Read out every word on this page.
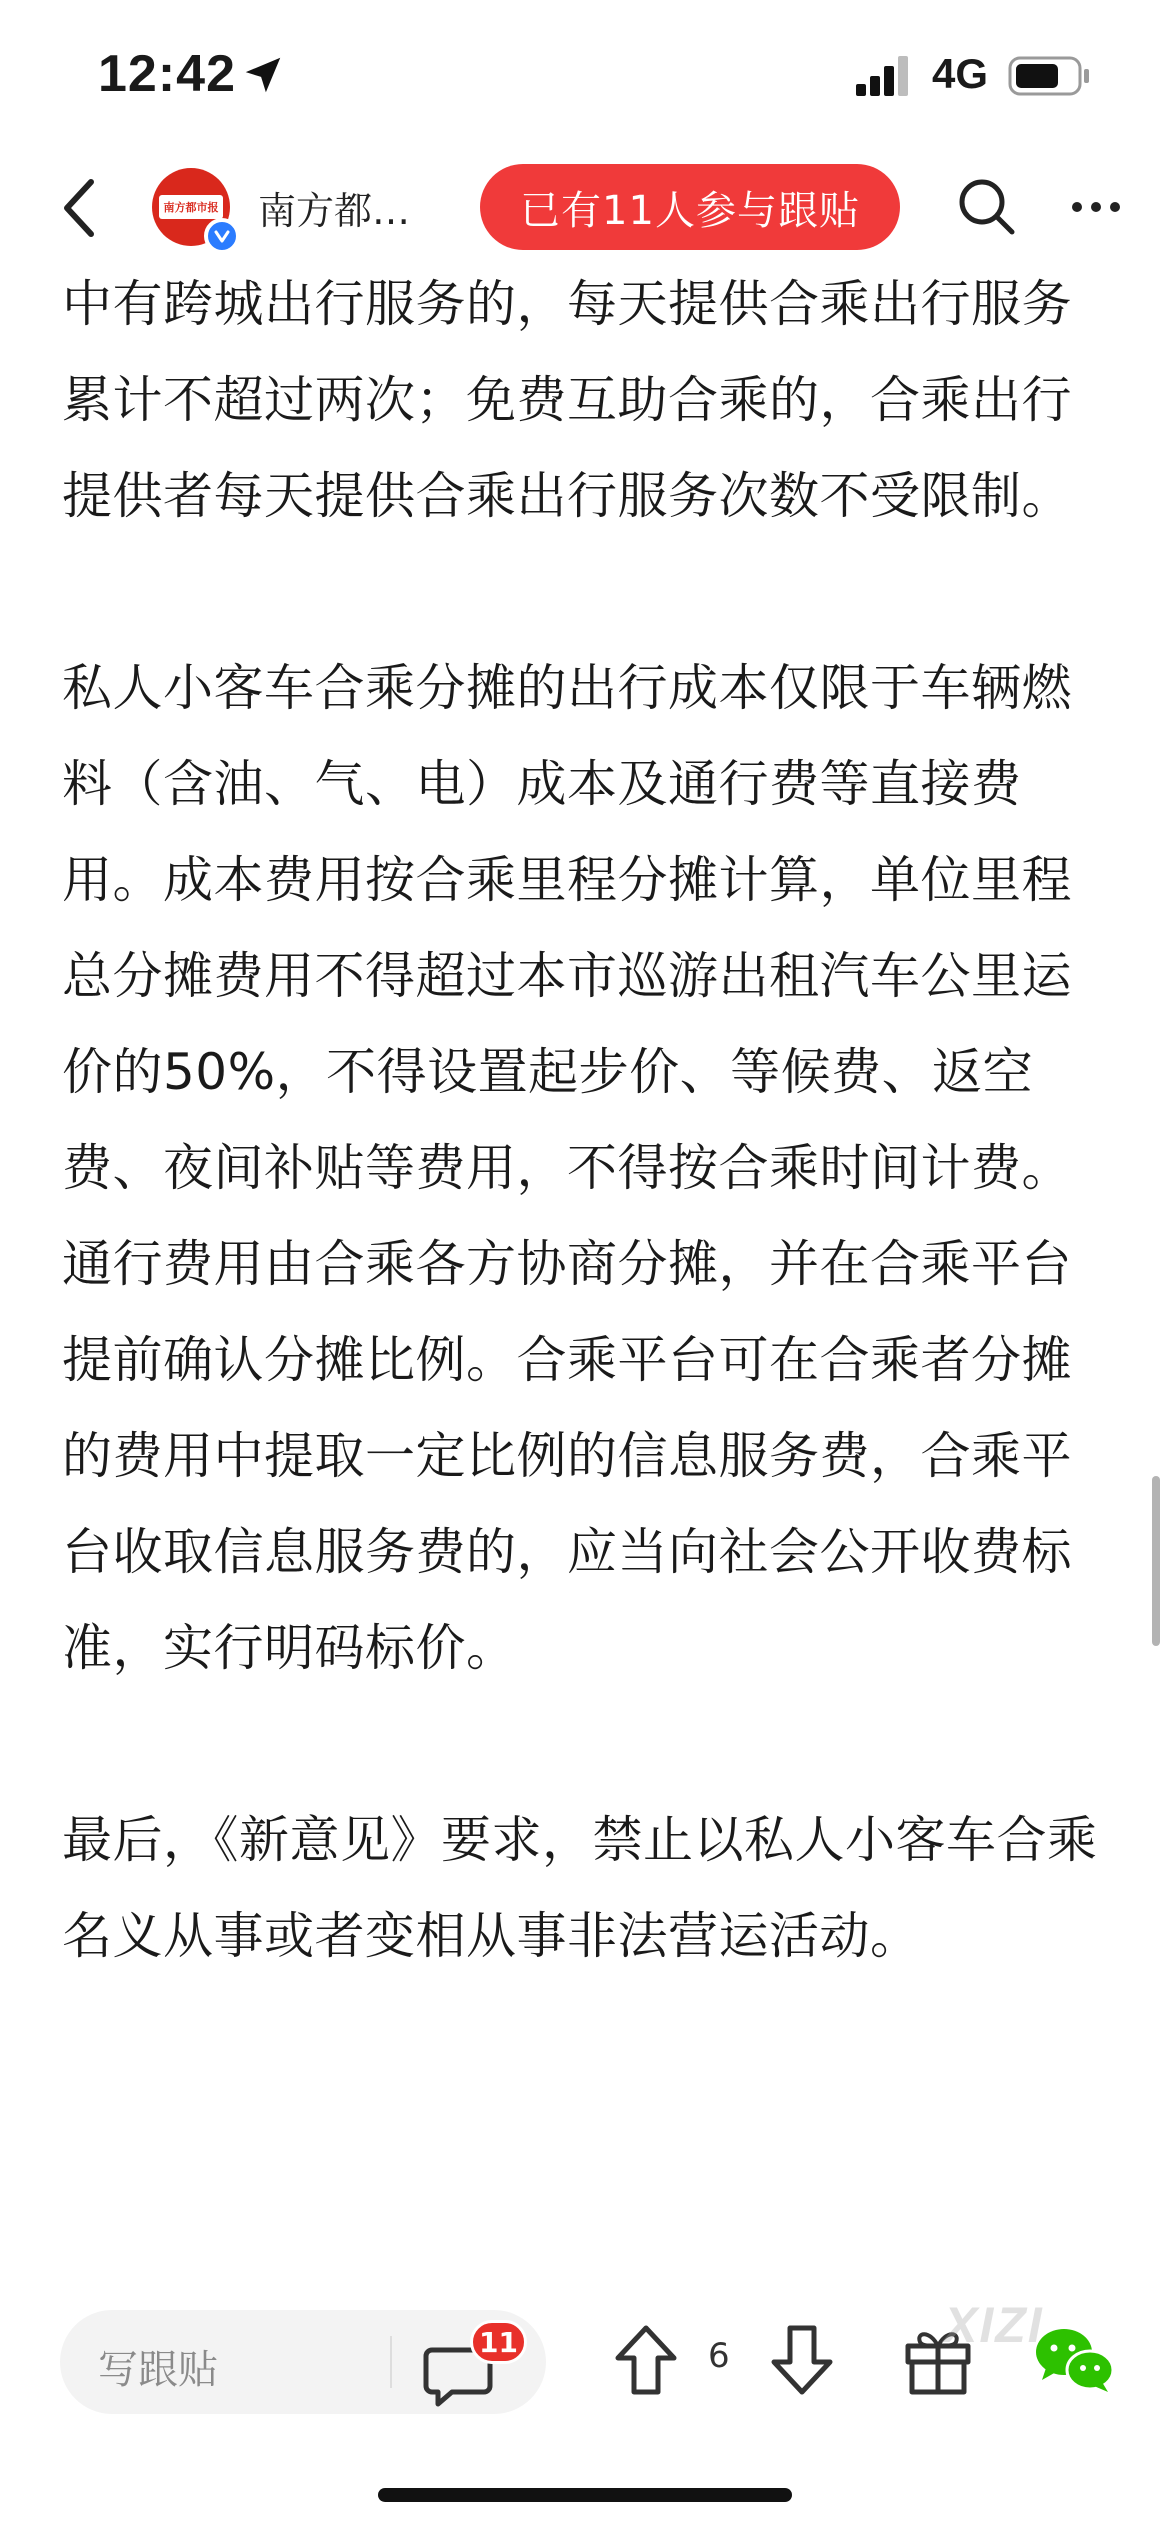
12:42	4G
南方都市报 南方都…	已有11人参与跟贴

中有跨城出行服务的，每天提供合乘出行服务累计不超过两次；免费互助合乘的，合乘出行提供者每天提供合乘出行服务次数不受限制。

私人小客车合乘分摊的出行成本仅限于车辆燃料（含油、气、电）成本及通行费等直接费用。成本费用按合乘里程分摊计算，单位里程总分摊费用不得超过本市巡游出租汽车公里运价的50%，不得设置起步价、等候费、返空费、夜间补贴等费用，不得按合乘时间计费。通行费用由合乘各方协商分摊，并在合乘平台提前确认分摊比例。合乘平台可在合乘者分摊的费用中提取一定比例的信息服务费，合乘平台收取信息服务费的，应当向社会公开收费标准，实行明码标价。

最后，《新意见》要求，禁止以私人小客车合乘名义从事或者变相从事非法营运活动。

写跟贴
11	6
XIZI
